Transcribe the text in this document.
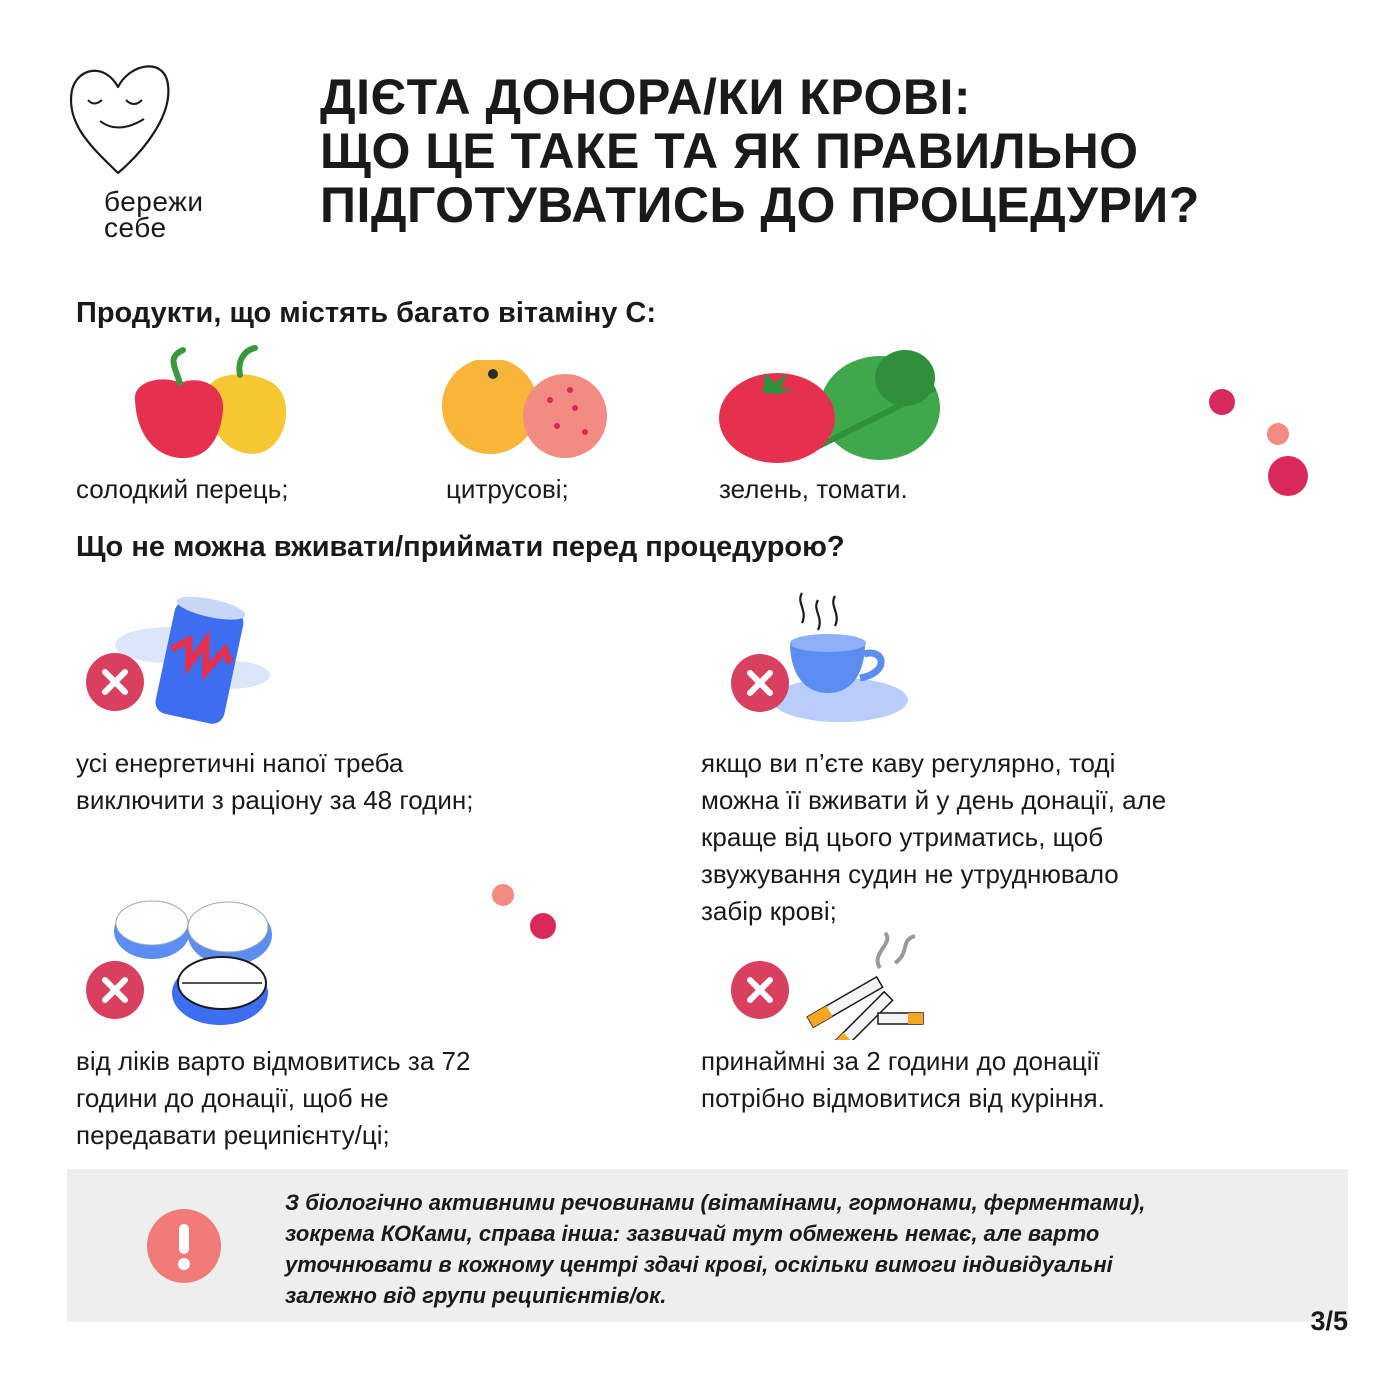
бережи
себе
ДІЄТА ДОНОРА/КИ КРОВІ:
ЩО ЦЕ ТАКЕ ТА ЯК ПРАВИЛЬНО
ПІДГОТУВАТИСЬ ДО ПРОЦЕДУРИ?
Продукти, що містять багато вітаміну С:
солодкий перець;	цитрусові;	зелень, томати.
Що не можна вживати/приймати перед процедурою?
усі енергетичні напої треба
виключити з раціону за 48 годин;
якщо ви п’єте каву регулярно, тоді
можна її вживати й у день донації, але
краще від цього утриматись, щоб
звужування судин не утруднювало
забір крові;
від ліків варто відмовитись за 72
години до донації, щоб не
передавати реципієнту/ці;
принаймні за 2 години до донації
потрібно відмовитися від куріння.
З біологічно активними речовинами (вітамінами, гормонами, ферментами),
зокрема КОКами, справа інша: зазвичай тут обмежень немає, але варто
уточнювати в кожному центрі здачі крові, оскільки вимоги індивідуальні
залежно від групи реципієнтів/ок.
3/5
